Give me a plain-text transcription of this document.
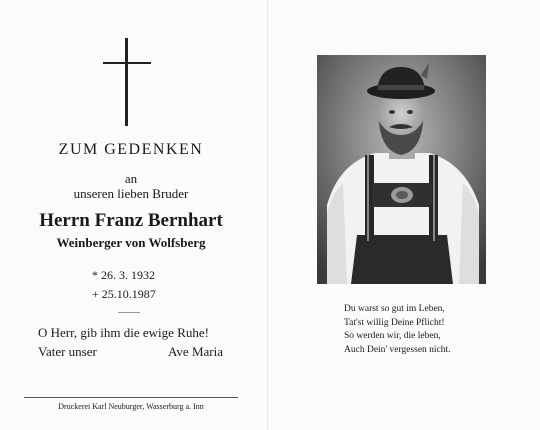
ZUM GEDENKEN
an
unseren lieben Bruder
Herrn Franz Bernhart
Weinberger von Wolfsberg
* 26. 3. 1932
+ 25.10.1987
O Herr, gib ihm die ewige Ruhe!
Vater unser	Ave Maria
Druckerei Karl Neuburger, Wasserburg a. Inn
Du warst so gut im Leben,
Tat'st willig Deine Pflicht!
So werden wir, die leben,
Auch Dein' vergessen nicht.
